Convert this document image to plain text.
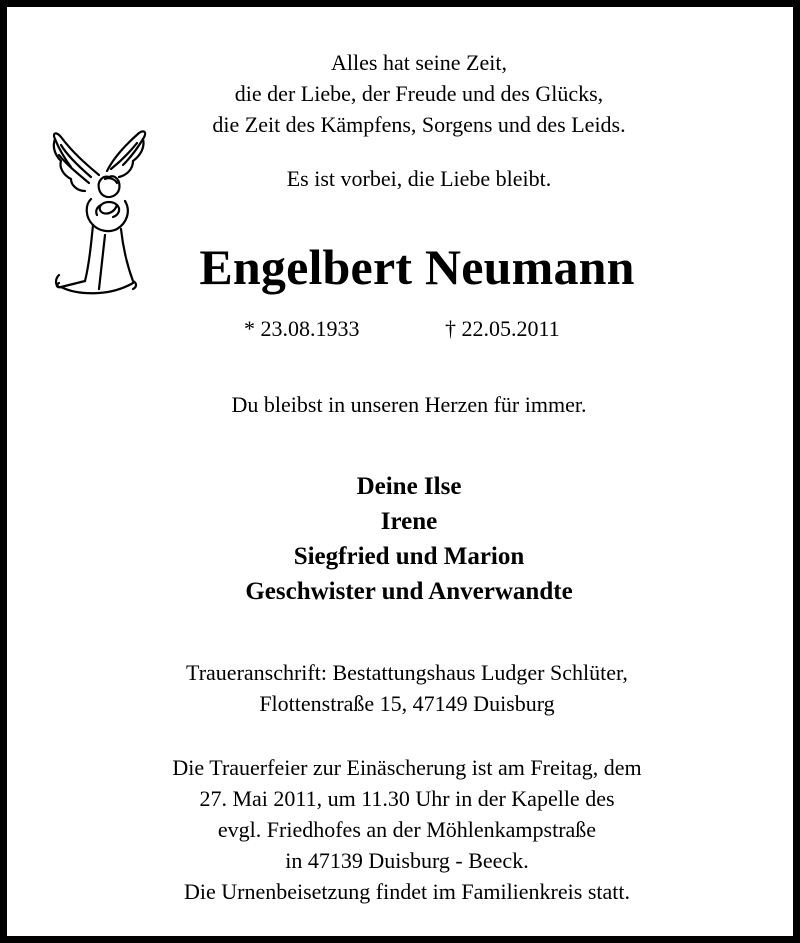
Alles hat seine Zeit,
die der Liebe, der Freude und des Glücks,
die Zeit des Kämpfens, Sorgens und des Leids.
Es ist vorbei, die Liebe bleibt.
Engelbert Neumann
* 23.08.1933	† 22.05.2011
Du bleibst in unseren Herzen für immer.
Deine Ilse
Irene
Siegfried und Marion
Geschwister und Anverwandte
Traueranschrift: Bestattungshaus Ludger Schlüter,
Flottenstraße 15, 47149 Duisburg
Die Trauerfeier zur Einäscherung ist am Freitag, dem
27. Mai 2011, um 11.30 Uhr in der Kapelle des
evgl. Friedhofes an der Möhlenkampstraße
in 47139 Duisburg - Beeck.
Die Urnenbeisetzung findet im Familienkreis statt.
